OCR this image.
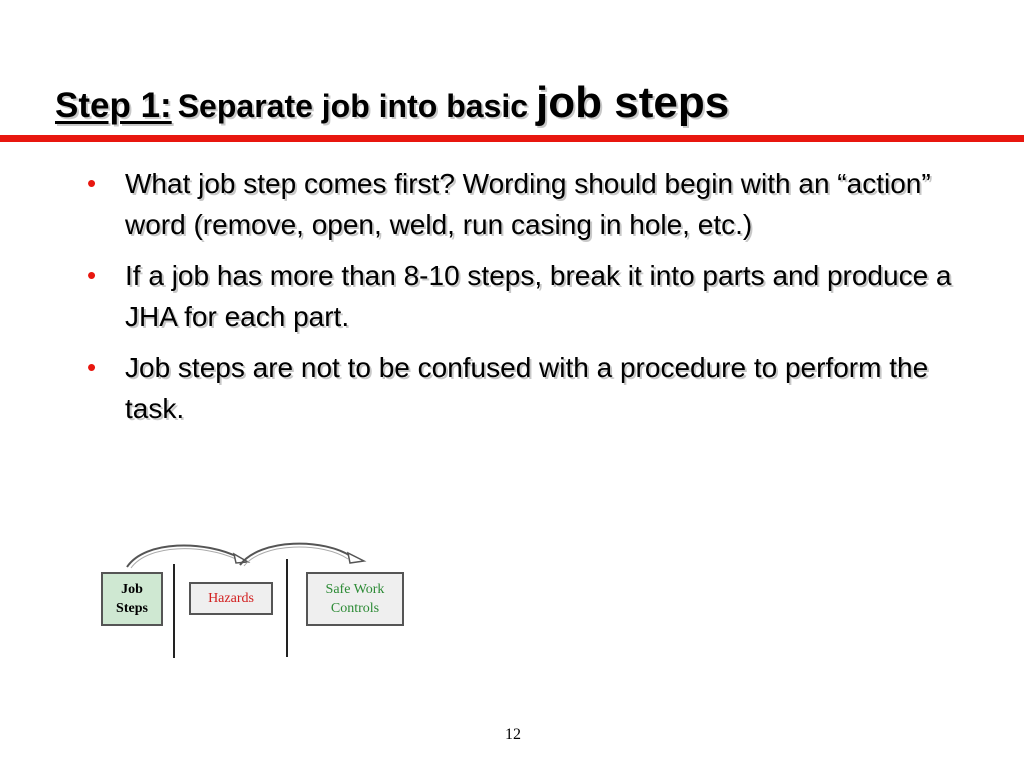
Step 1: Separate job into basic job steps
• What job step comes first? Wording should begin with an “action” word (remove, open, weld, run casing in hole, etc.)
• If a job has more than 8-10 steps, break it into parts and produce a JHA for each part.
• Job steps are not to be confused with a procedure to perform the task.
Job
Steps
Hazards
Safe Work
Controls
12
